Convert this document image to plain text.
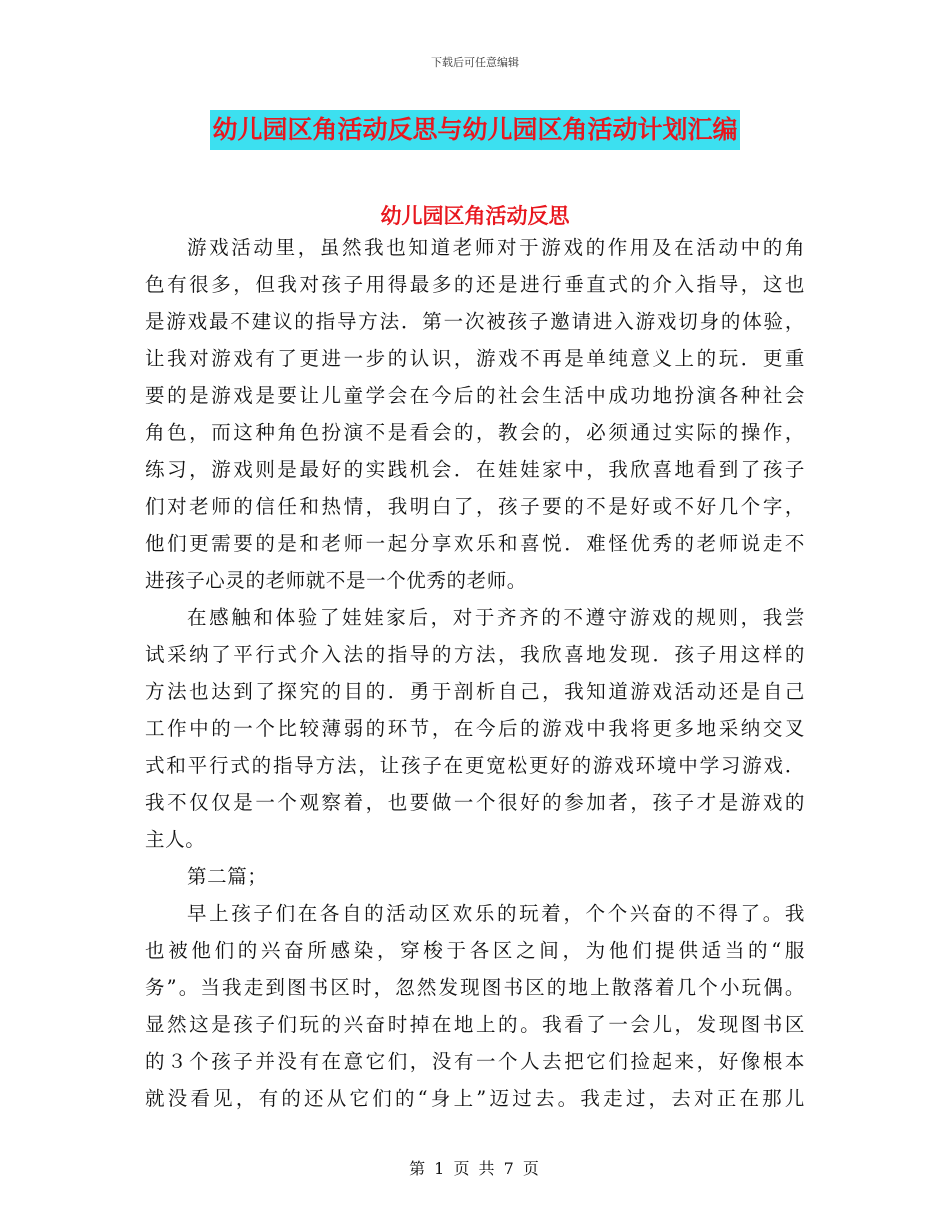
下载后可任意编辑
幼儿园区角活动反思与幼儿园区角活动计划汇编
幼儿园区角活动反思
游戏活动里，虽然我也知道老师对于游戏的作用及在活动中的角
色有很多，但我对孩子用得最多的还是进行垂直式的介入指导，这也
是游戏最不建议的指导方法．第一次被孩子邀请进入游戏切身的体验，
让我对游戏有了更进一步的认识，游戏不再是单纯意义上的玩．更重
要的是游戏是要让儿童学会在今后的社会生活中成功地扮演各种社会
角色，而这种角色扮演不是看会的，教会的，必须通过实际的操作，
练习，游戏则是最好的实践机会．在娃娃家中，我欣喜地看到了孩子
们对老师的信任和热情，我明白了，孩子要的不是好或不好几个字，
他们更需要的是和老师一起分享欢乐和喜悦．难怪优秀的老师说走不
进孩子心灵的老师就不是一个优秀的老师。
在感触和体验了娃娃家后，对于齐齐的不遵守游戏的规则，我尝
试采纳了平行式介入法的指导的方法，我欣喜地发现．孩子用这样的
方法也达到了探究的目的．勇于剖析自己，我知道游戏活动还是自己
工作中的一个比较薄弱的环节，在今后的游戏中我将更多地采纳交叉
式和平行式的指导方法，让孩子在更宽松更好的游戏环境中学习游戏．
我不仅仅是一个观察着，也要做一个很好的参加者，孩子才是游戏的
主人。
第二篇；
早上孩子们在各自的活动区欢乐的玩着，个个兴奋的不得了。我
也被他们的兴奋所感染，穿梭于各区之间，为他们提供适当的“服
务”。当我走到图书区时，忽然发现图书区的地上散落着几个小玩偶。
显然这是孩子们玩的兴奋时掉在地上的。我看了一会儿，发现图书区
的３个孩子并没有在意它们，没有一个人去把它们捡起来，好像根本
就没看见，有的还从它们的“身上”迈过去。我走过，去对正在那儿
第 1 页 共 7 页
